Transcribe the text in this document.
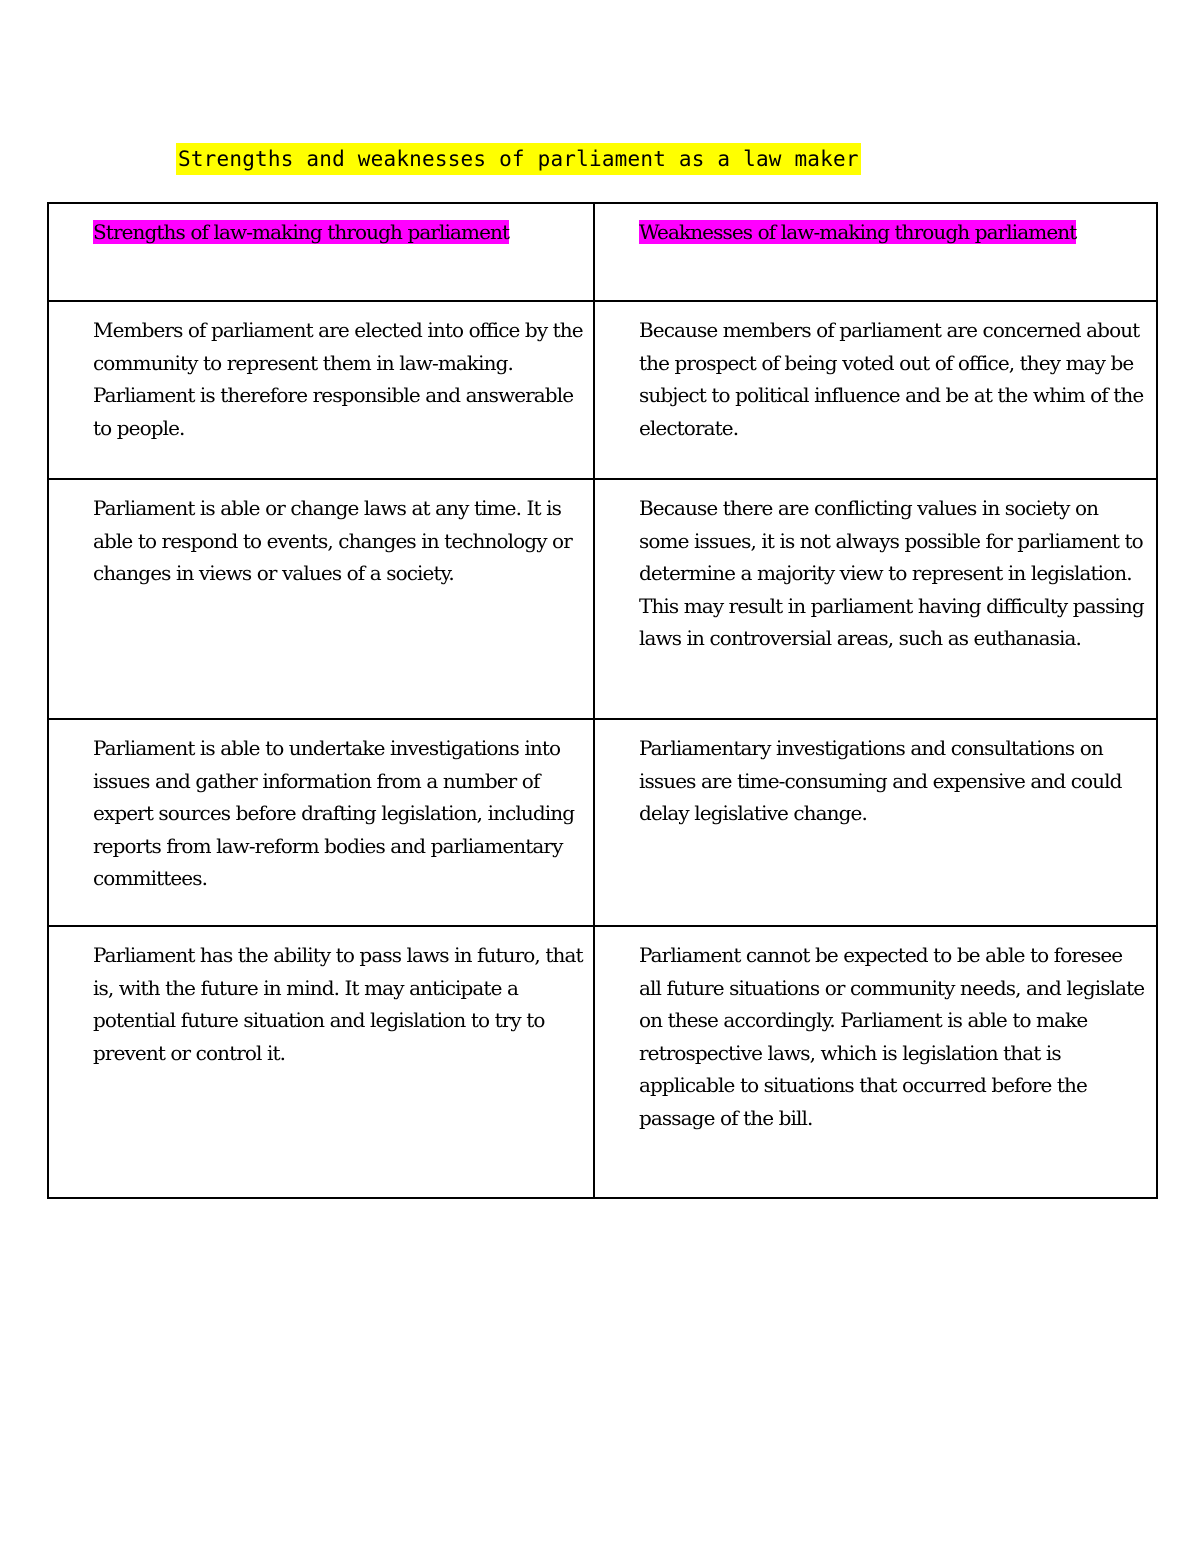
Strengths and weaknesses of parliament as a law maker
Strengths of law-making through parliament	Weaknesses of law-making through parliament
Members of parliament are elected into office by the community to represent them in law-making. Parliament is therefore responsible and answerable to people.	Because members of parliament are concerned about the prospect of being voted out of office, they may be subject to political influence and be at the whim of the electorate.
Parliament is able or change laws at any time. It is able to respond to events, changes in technology or changes in views or values of a society.	Because there are conflicting values in society on some issues, it is not always possible for parliament to determine a majority view to represent in legislation. This may result in parliament having difficulty passing laws in controversial areas, such as euthanasia.
Parliament is able to undertake investigations into issues and gather information from a number of expert sources before drafting legislation, including reports from law-reform bodies and parliamentary committees.	Parliamentary investigations and consultations on issues are time-consuming and expensive and could delay legislative change.
Parliament has the ability to pass laws in futuro, that is, with the future in mind. It may anticipate a potential future situation and legislation to try to prevent or control it.	Parliament cannot be expected to be able to foresee all future situations or community needs, and legislate on these accordingly. Parliament is able to make retrospective laws, which is legislation that is applicable to situations that occurred before the passage of the bill.
